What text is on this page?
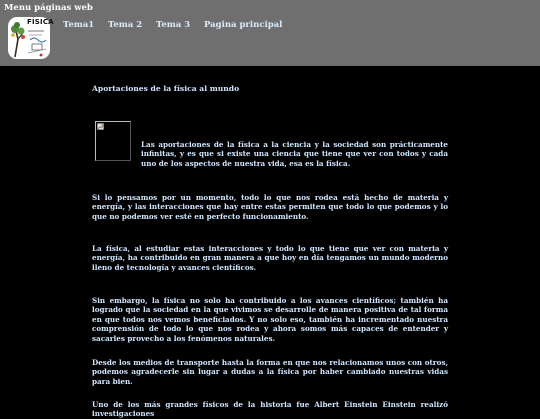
Menu páginas web
FÍSICA Tema1 Tema 2 Tema 3 Pagina principal
Aportaciones de la física al mundo

Las aportaciones de la física a la ciencia y la sociedad son prácticamente infinitas, y es que si existe una ciencia que tiene que ver con todos y cada uno de los aspectos de nuestra vida, esa es la física.

Si lo pensamos por un momento, todo lo que nos rodea está hecho de materia y energía, y las interacciones que hay entre estas permiten que todo lo que podemos y lo que no podemos ver esté en perfecto funcionamiento.

La física, al estudiar estas interacciones y todo lo que tiene que ver con materia y energía, ha contribuido en gran manera a que hoy en día tengamos un mundo moderno lleno de tecnología y avances científicos.

Sin embargo, la física no solo ha contribuido a los avances científicos; también ha logrado que la sociedad en la que vivimos se desarrolle de manera positiva de tal forma en que todos nos vemos beneficiados. Y no solo eso, también ha incrementado nuestra comprensión de todo lo que nos rodea y ahora somos más capaces de entender y sacarles provecho a los fenómenos naturales.

Desde los medios de transporte hasta la forma en que nos relacionamos unos con otros, podemos agradecerle sin lugar a dudas a la física por haber cambiado nuestras vidas para bien.

Uno de los más grandes físicos de la historia fue Albert Einstein Einstein realizó investigaciones
